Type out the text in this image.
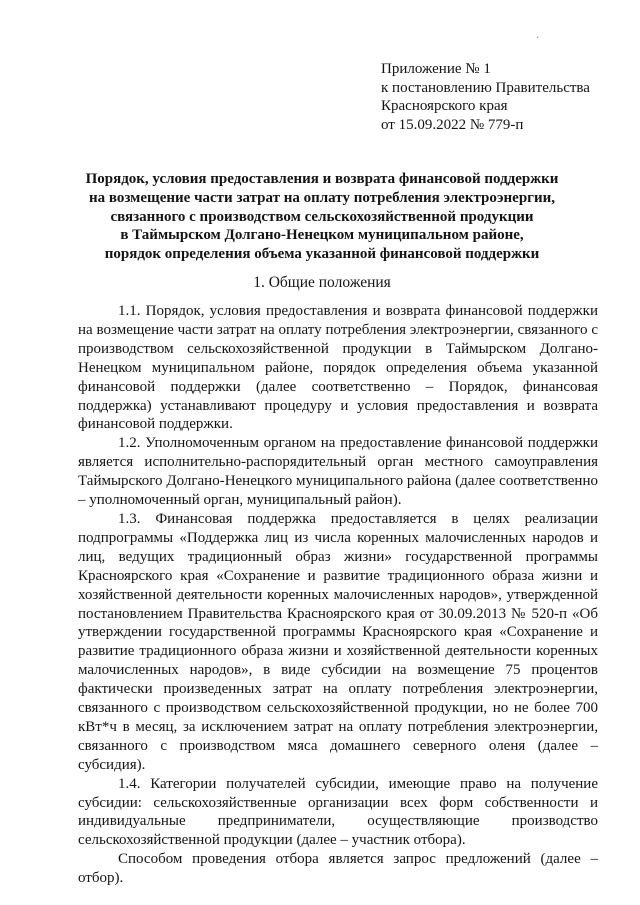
´
Приложение № 1
к постановлению Правительства
Красноярского края
от 15.09.2022 № 779-п
Порядок, условия предоставления и возврата финансовой поддержки
на возмещение части затрат на оплату потребления электроэнергии,
связанного с производством сельскохозяйственной продукции
в Таймырском Долгано-Ненецком муниципальном районе,
порядок определения объема указанной финансовой поддержки
1. Общие положения

1.1. Порядок, условия предоставления и возврата финансовой поддержки на возмещение части затрат на оплату потребления электроэнергии, связанного с производством сельскохозяйственной продукции в Таймырском Долгано-Ненецком муниципальном районе, порядок определения объема указанной финансовой поддержки (далее соответственно – Порядок, финансовая поддержка) устанавливают процедуру и условия предоставления и возврата финансовой поддержки.

1.2. Уполномоченным органом на предоставление финансовой поддержки является исполнительно-распорядительный орган местного самоуправления Таймырского Долгано-Ненецкого муниципального района (далее соответственно – уполномоченный орган, муниципальный район).

1.3. Финансовая поддержка предоставляется в целях реализации подпрограммы «Поддержка лиц из числа коренных малочисленных народов и лиц, ведущих традиционный образ жизни» государственной программы Красноярского края «Сохранение и развитие традиционного образа жизни и хозяйственной деятельности коренных малочисленных народов», утвержденной постановлением Правительства Красноярского края от 30.09.2013 № 520-п «Об утверждении государственной программы Красноярского края «Сохранение и развитие традиционного образа жизни и хозяйственной деятельности коренных малочисленных народов», в виде субсидии на возмещение 75 процентов фактически произведенных затрат на оплату потребления электроэнергии, связанного с производством сельскохозяйственной продукции, но не более 700 кВт*ч в месяц, за исключением затрат на оплату потребления электроэнергии, связанного с производством мяса домашнего северного оленя (далее – субсидия).

1.4. Категории получателей субсидии, имеющие право на получение субсидии: сельскохозяйственные организации всех форм собственности и индивидуальные предприниматели, осуществляющие производство сельскохозяйственной продукции (далее – участник отбора).

Способом проведения отбора является запрос предложений (далее – отбор).
